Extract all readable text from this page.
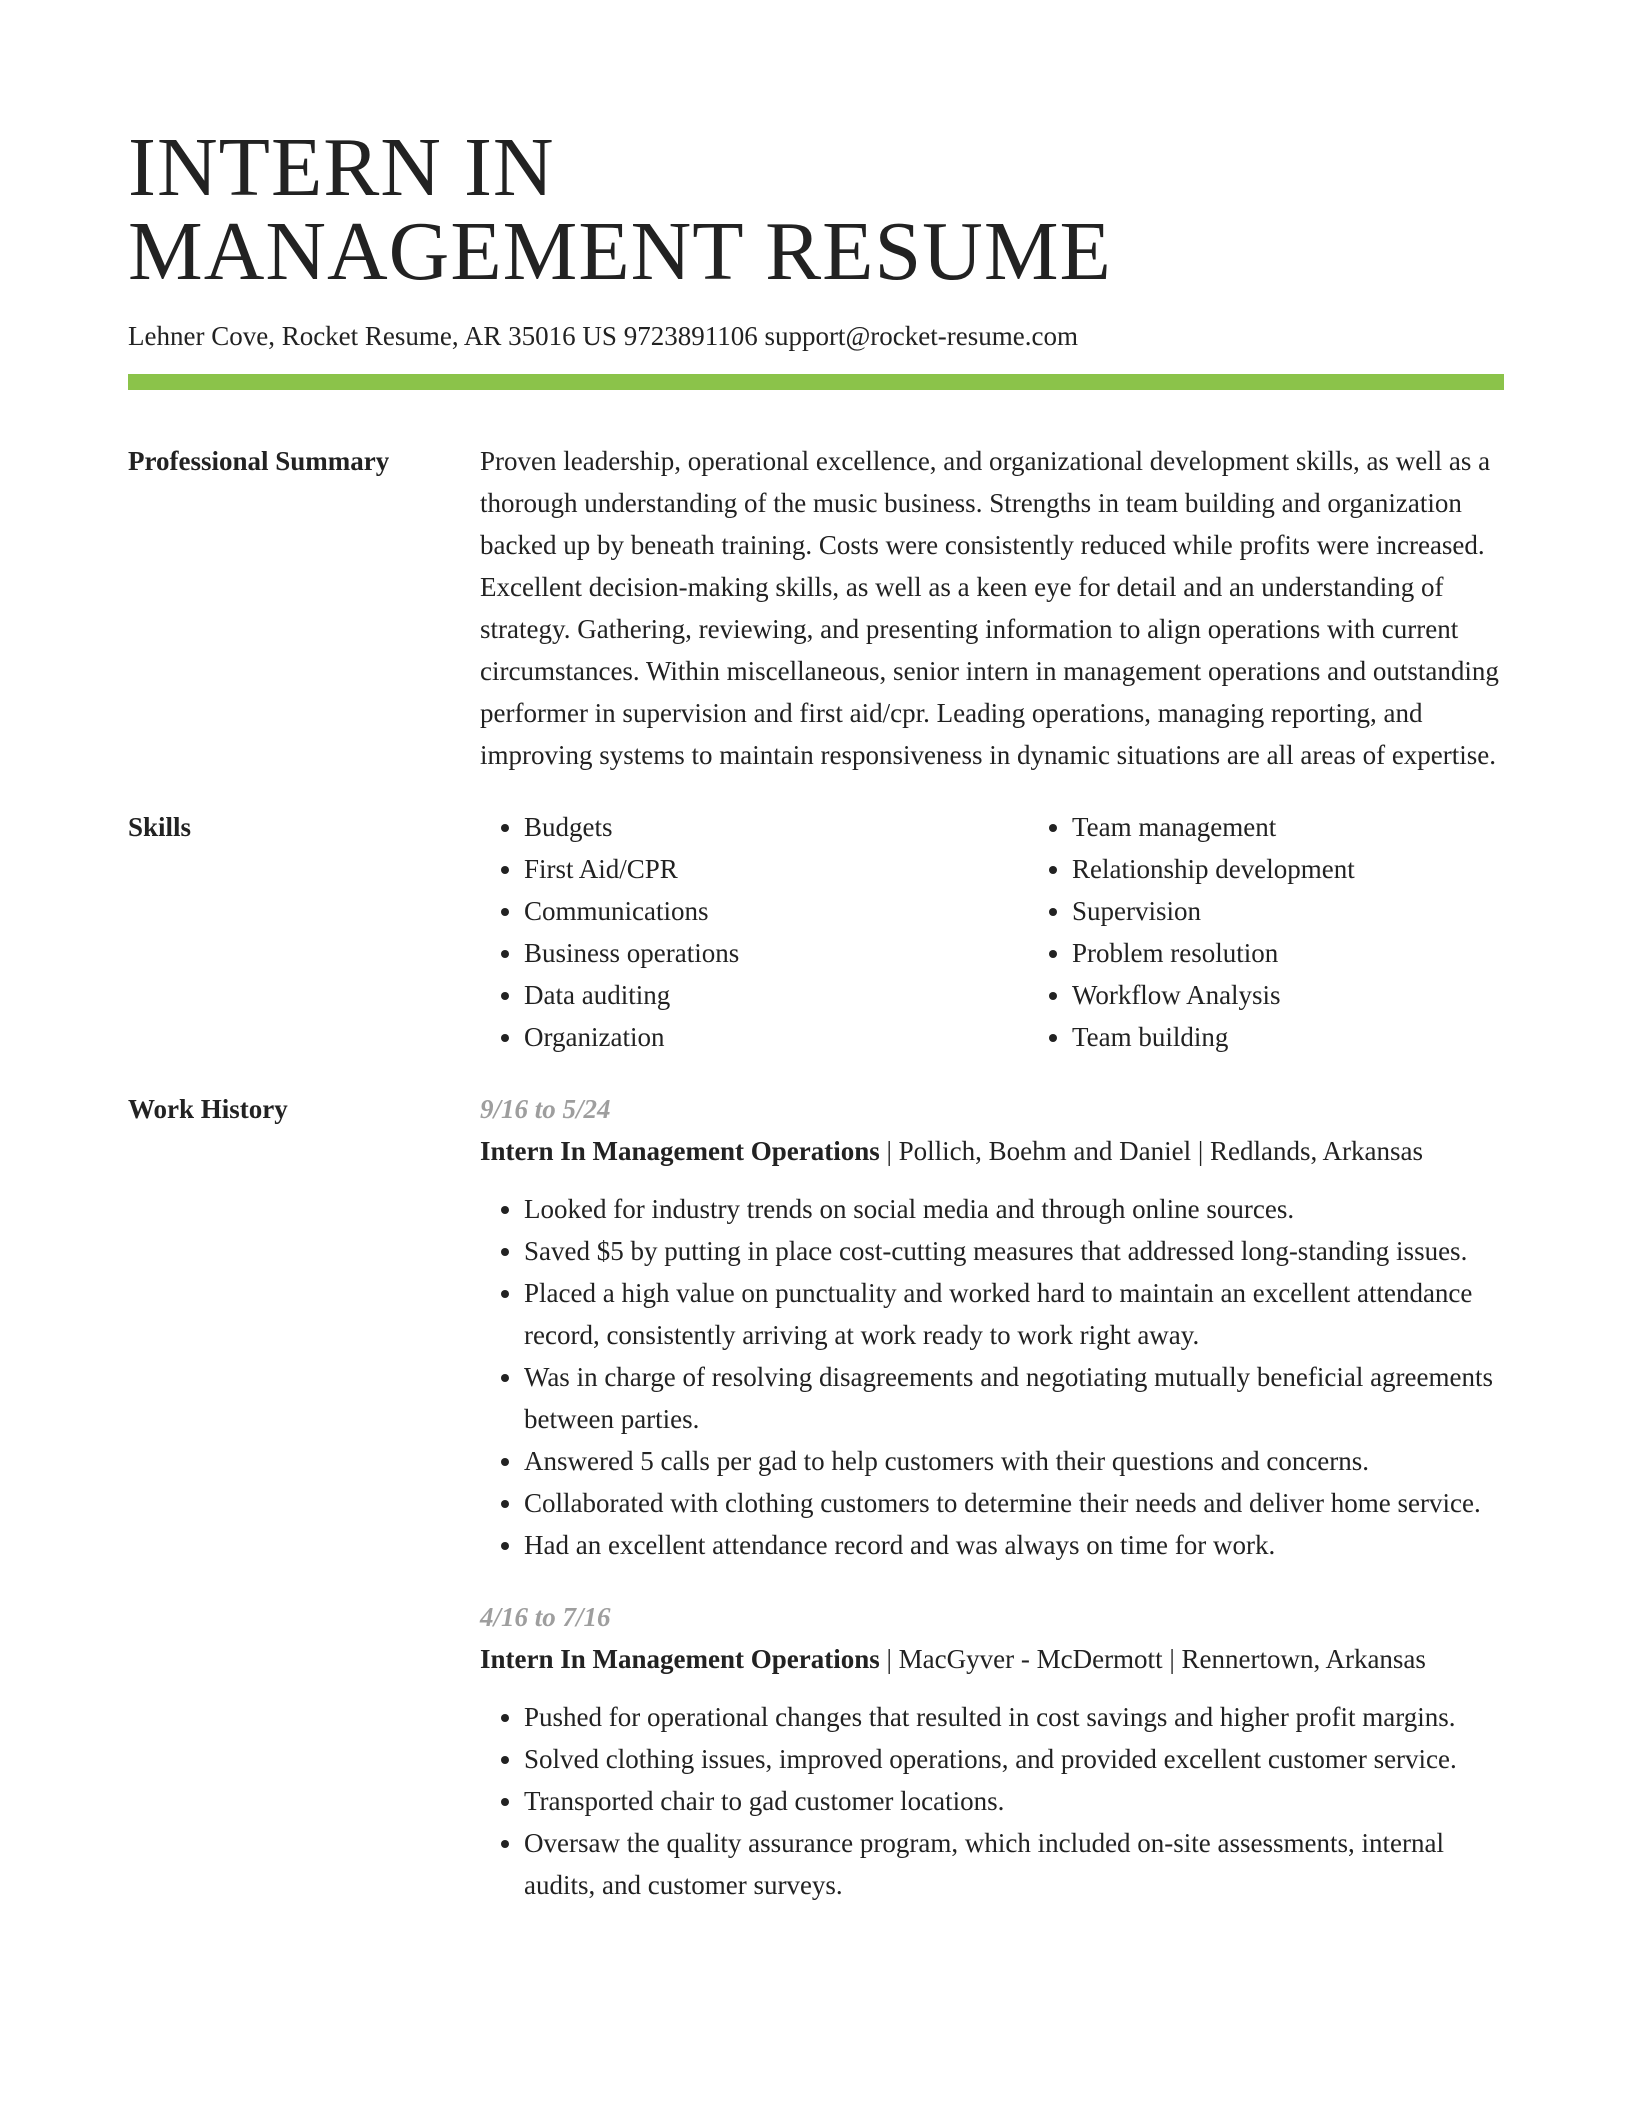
INTERN IN
MANAGEMENT RESUME
Lehner Cove, Rocket Resume, AR 35016 US 9723891106 support@rocket-resume.com
Professional Summary	Proven leadership, operational excellence, and organizational development skills, as well as a thorough understanding of the music business. Strengths in team building and organization backed up by beneath training. Costs were consistently reduced while profits were increased. Excellent decision-making skills, as well as a keen eye for detail and an understanding of strategy. Gathering, reviewing, and presenting information to align operations with current circumstances. Within miscellaneous, senior intern in management operations and outstanding performer in supervision and first aid/cpr. Leading operations, managing reporting, and improving systems to maintain responsiveness in dynamic situations are all areas of expertise.

Skills
•	Budgets
• First Aid/CPR
• Communications
• Business operations
• Data auditing
• Organization
• Team management
• Relationship development
• Supervision
• Problem resolution
• Workflow Analysis
• Team building
Work History	9/16 to 5/24
Intern In Management Operations | Pollich, Boehm and Daniel | Redlands, Arkansas
• Looked for industry trends on social media and through online sources.
• Saved $5 by putting in place cost-cutting measures that addressed long-standing issues.
• Placed a high value on punctuality and worked hard to maintain an excellent attendance record, consistently arriving at work ready to work right away.
• Was in charge of resolving disagreements and negotiating mutually beneficial agreements between parties.
• Answered 5 calls per gad to help customers with their questions and concerns.
• Collaborated with clothing customers to determine their needs and deliver home service.
• Had an excellent attendance record and was always on time for work.
4/16 to 7/16
Intern In Management Operations | MacGyver - McDermott | Rennertown, Arkansas
• Pushed for operational changes that resulted in cost savings and higher profit margins.
• Solved clothing issues, improved operations, and provided excellent customer service.
• Transported chair to gad customer locations.
• Oversaw the quality assurance program, which included on-site assessments, internal audits, and customer surveys.
